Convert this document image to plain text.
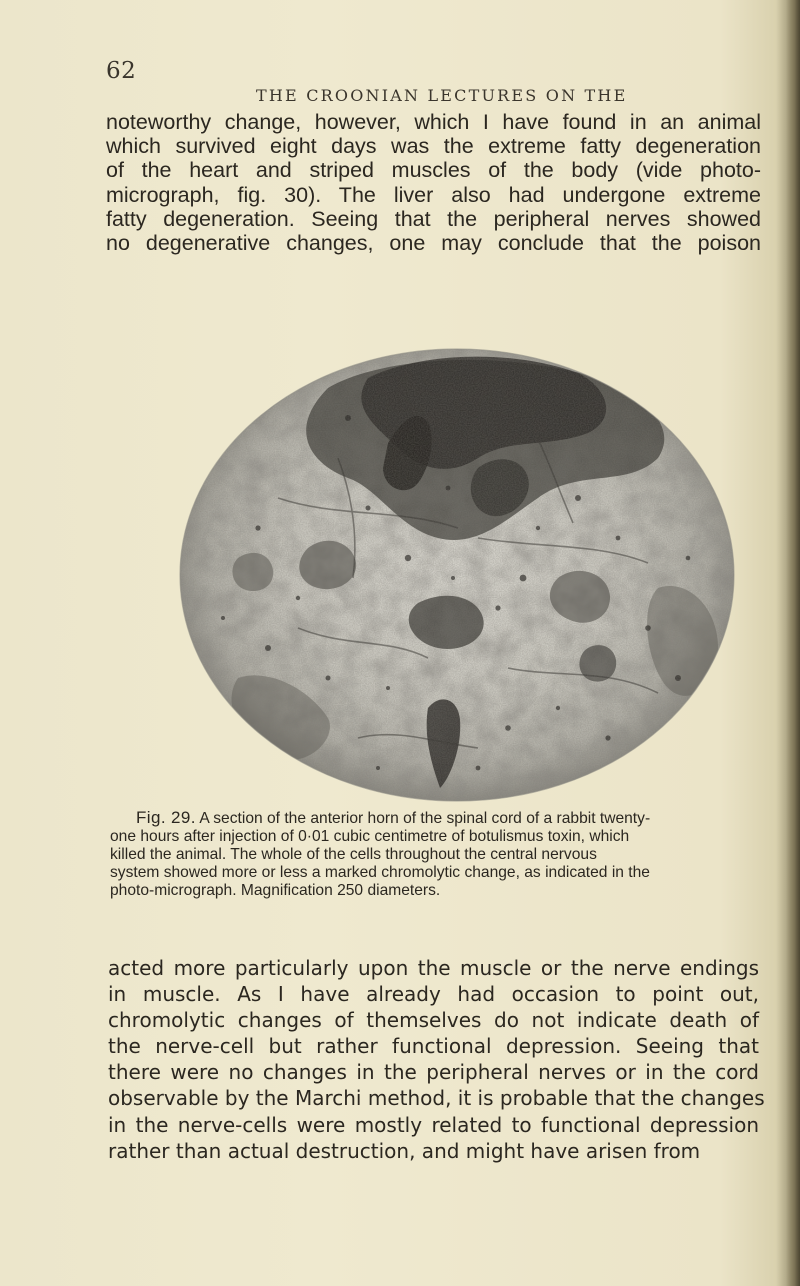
62
THE CROONIAN LECTURES ON THE
noteworthy change, however, which I have found in an animal
which survived eight days was the extreme fatty degeneration
of the heart and striped muscles of the body (vide photo-
micrograph, fig. 30). The liver also had undergone extreme
fatty degeneration. Seeing that the peripheral nerves showed
no degenerative changes, one may conclude that the poison
Fig. 29. A section of the anterior horn of the spinal cord of a rabbit twenty-
one hours after injection of 0·01 cubic centimetre of botulismus toxin, which
killed the animal. The whole of the cells throughout the central nervous
system showed more or less a marked chromolytic change, as indicated in the
photo-micrograph. Magnification 250 diameters.
acted more particularly upon the muscle or the nerve endings
in muscle. As I have already had occasion to point out,
chromolytic changes of themselves do not indicate death of
the nerve-cell but rather functional depression. Seeing that
there were no changes in the peripheral nerves or in the cord
observable by the Marchi method, it is probable that the changes
in the nerve-cells were mostly related to functional depression
rather than actual destruction, and might have arisen from
